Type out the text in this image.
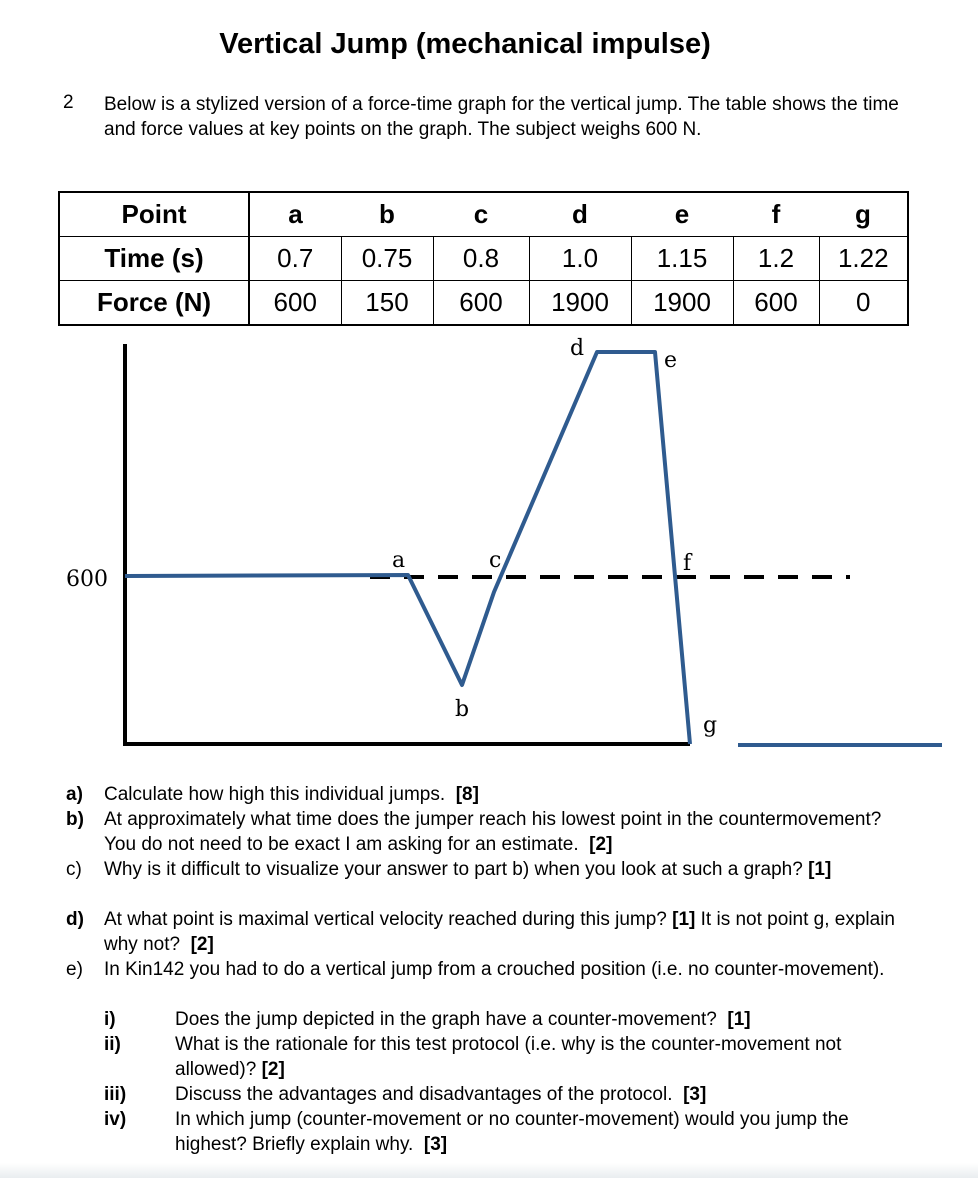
Vertical Jump (mechanical impulse)
2 Below is a stylized version of a force-time graph for the vertical jump. The table shows the time and force values at key points on the graph. The subject weighs 600 N.
Point	a	b	c	d	e	f	g
Time (s)	0.7	0.75	0.8	1.0	1.15	1.2	1.22
Force (N)	600	150	600	1900	1900	600	0
600
a
b
c
d	e
f
g
a) Calculate how high this individual jumps. [8]
b) At approximately what time does the jumper reach his lowest point in the countermovement? You do not need to be exact I am asking for an estimate. [2]
c) Why is it difficult to visualize your answer to part b) when you look at such a graph? [1]
d) At what point is maximal vertical velocity reached during this jump? [1] It is not point g, explain why not? [2]
e) In Kin142 you had to do a vertical jump from a crouched position (i.e. no counter-movement).
i)	Does the jump depicted in the graph have a counter-movement? [1]
ii)	What is the rationale for this test protocol (i.e. why is the counter-movement not allowed)? [2]
iii)	Discuss the advantages and disadvantages of the protocol. [3]
iv)	In which jump (counter-movement or no counter-movement) would you jump the highest? Briefly explain why. [3]
